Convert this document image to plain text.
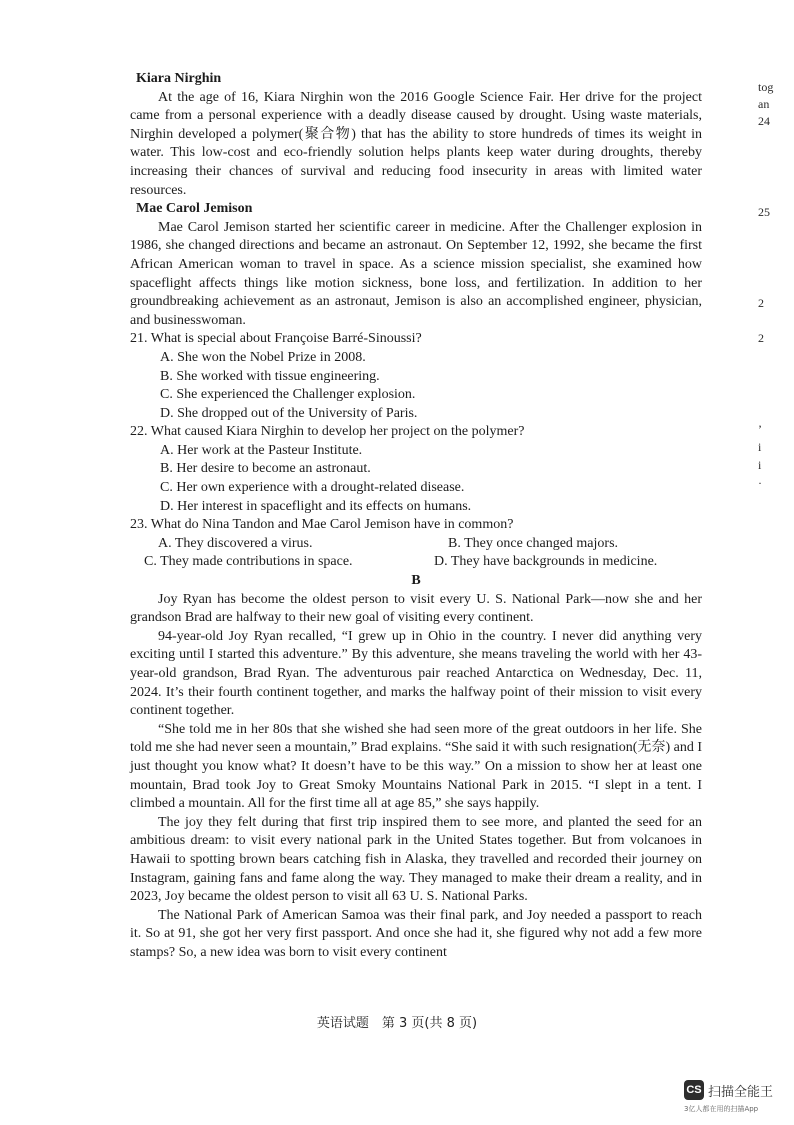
Kiara Nirghin

At the age of 16, Kiara Nirghin won the 2016 Google Science Fair. Her drive for the project came from a personal experience with a deadly disease caused by drought. Using waste materials, Nirghin developed a polymer(聚合物) that has the ability to store hundreds of times its weight in water. This low-cost and eco-friendly solution helps plants keep water during droughts, thereby increasing their chances of survival and reducing food insecurity in areas with limited water resources.

Mae Carol Jemison

Mae Carol Jemison started her scientific career in medicine. After the Challenger explosion in 1986, she changed directions and became an astronaut. On September 12, 1992, she became the first African American woman to travel in space. As a science mission specialist, she examined how spaceflight affects things like motion sickness, bone loss, and fertilization. In addition to her groundbreaking achievement as an astronaut, Jemison is also an accomplished engineer, physician, and businesswoman.

21. What is special about Françoise Barré-Sinoussi?

A. She won the Nobel Prize in 2008.

B. She worked with tissue engineering.

C. She experienced the Challenger explosion.

D. She dropped out of the University of Paris.

22. What caused Kiara Nirghin to develop her project on the polymer?

A. Her work at the Pasteur Institute.

B. Her desire to become an astronaut.

C. Her own experience with a drought-related disease.

D. Her interest in spaceflight and its effects on humans.

23. What do Nina Tandon and Mae Carol Jemison have in common?

A. They discovered a virus.	B. They once changed majors.
C. They made contributions in space.	D. They have backgrounds in medicine.

B

Joy Ryan has become the oldest person to visit every U. S. National Park—now she and her grandson Brad are halfway to their new goal of visiting every continent.

94-year-old Joy Ryan recalled, “I grew up in Ohio in the country. I never did anything very exciting until I started this adventure.” By this adventure, she means traveling the world with her 43-year-old grandson, Brad Ryan. The adventurous pair reached Antarctica on Wednesday, Dec. 11, 2024. It’s their fourth continent together, and marks the halfway point of their mission to visit every continent together.

“She told me in her 80s that she wished she had seen more of the great outdoors in her life. She told me she had never seen a mountain,” Brad explains. “She said it with such resignation(无奈) and I just thought you know what? It doesn’t have to be this way.” On a mission to show her at least one mountain, Brad took Joy to Great Smoky Mountains National Park in 2015. “I slept in a tent. I climbed a mountain. All for the first time all at age 85,” she says happily.

The joy they felt during that first trip inspired them to see more, and planted the seed for an ambitious dream: to visit every national park in the United States together. But from volcanoes in Hawaii to spotting brown bears catching fish in Alaska, they travelled and recorded their journey on Instagram, gaining fans and fame along the way. They managed to make their dream a reality, and in 2023, Joy became the oldest person to visit all 63 U. S. National Parks.

The National Park of American Samoa was their final park, and Joy needed a passport to reach it. So at 91, she got her very first passport. And once she had it, she figured why not add a few more stamps? So, a new idea was born to visit every continent

tog
an
24
25
2
2
’
i
i
·
英语试题　第 3 页(共 8 页)
CS 扫描全能王
3亿人都在用的扫描App
